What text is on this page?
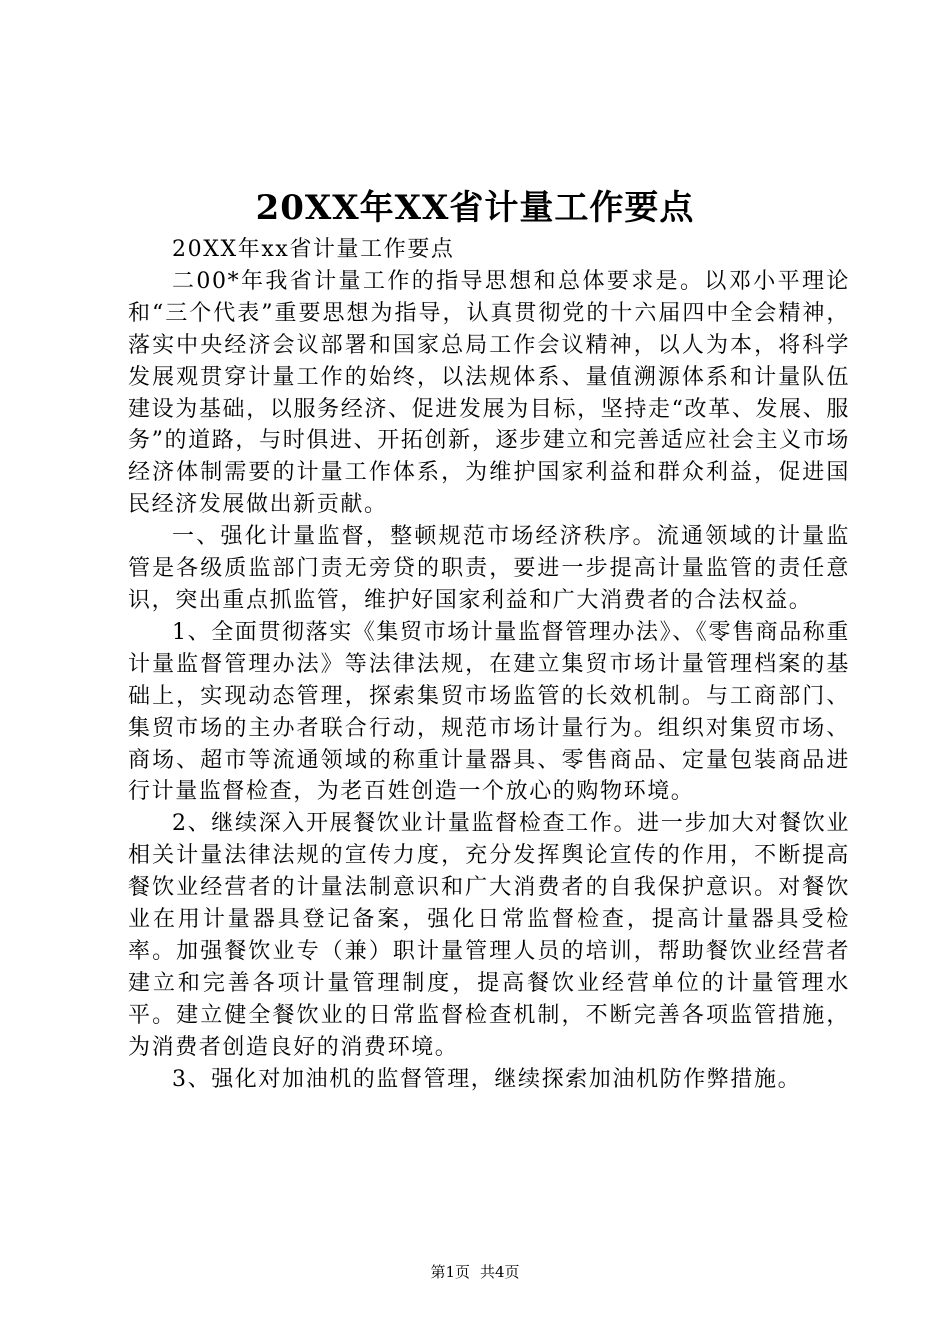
20XX年XX省计量工作要点

20XX年xx省计量工作要点

二00*年我省计量工作的指导思想和总体要求是。以邓小平理论和“三个代表”重要思想为指导，认真贯彻党的十六届四中全会精神，落实中央经济会议部署和国家总局工作会议精神，以人为本，将科学发展观贯穿计量工作的始终，以法规体系、量值溯源体系和计量队伍建设为基础，以服务经济、促进发展为目标，坚持走“改革、发展、服务”的道路，与时俱进、开拓创新，逐步建立和完善适应社会主义市场经济体制需要的计量工作体系，为维护国家利益和群众利益，促进国民经济发展做出新贡献。

一、强化计量监督，整顿规范市场经济秩序。流通领域的计量监管是各级质监部门责无旁贷的职责，要进一步提高计量监管的责任意识，突出重点抓监管，维护好国家利益和广大消费者的合法权益。

1、全面贯彻落实《集贸市场计量监督管理办法》、《零售商品称重计量监督管理办法》等法律法规，在建立集贸市场计量管理档案的基础上，实现动态管理，探索集贸市场监管的长效机制。与工商部门、集贸市场的主办者联合行动，规范市场计量行为。组织对集贸市场、商场、超市等流通领域的称重计量器具、零售商品、定量包装商品进行计量监督检查，为老百姓创造一个放心的购物环境。

2、继续深入开展餐饮业计量监督检查工作。进一步加大对餐饮业相关计量法律法规的宣传力度，充分发挥舆论宣传的作用，不断提高餐饮业经营者的计量法制意识和广大消费者的自我保护意识。对餐饮业在用计量器具登记备案，强化日常监督检查，提高计量器具受检率。加强餐饮业专（兼）职计量管理人员的培训，帮助餐饮业经营者建立和完善各项计量管理制度，提高餐饮业经营单位的计量管理水平。建立健全餐饮业的日常监督检查机制，不断完善各项监管措施，为消费者创造良好的消费环境。

3、强化对加油机的监督管理，继续探索加油机防作弊措施。

第1页 共4页
